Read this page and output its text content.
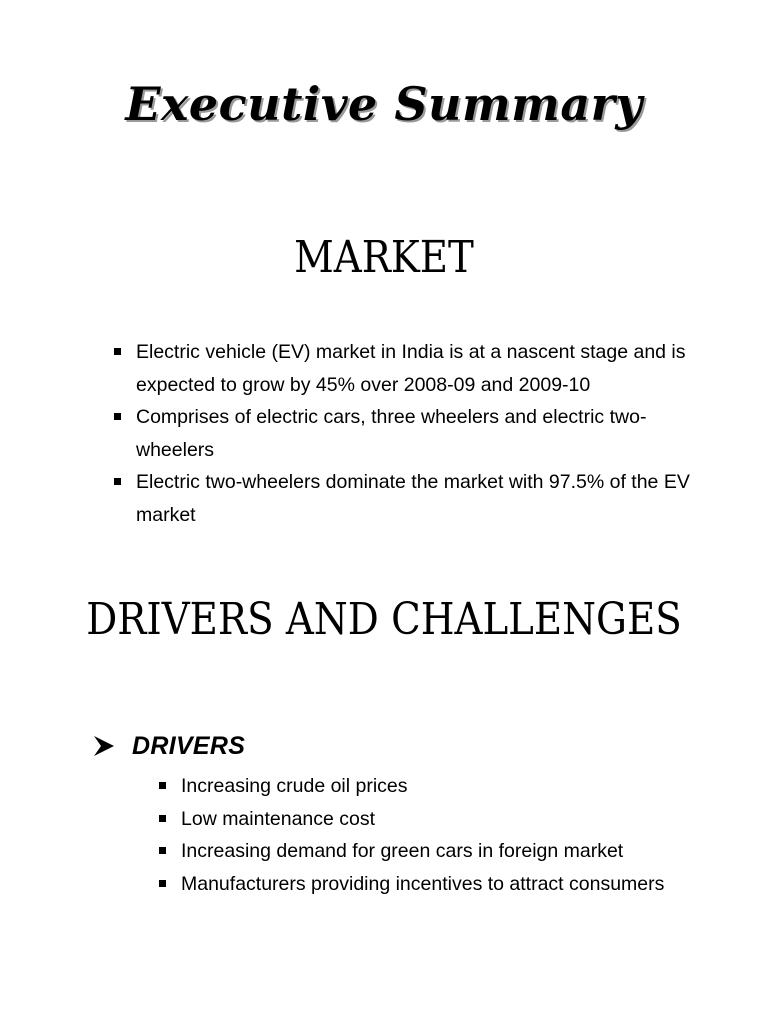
Executive Summary
MARKET
Electric vehicle (EV) market in India is at a nascent stage and is expected to grow by 45% over 2008-09 and 2009-10
Comprises of electric cars, three wheelers and electric two-wheelers
Electric two-wheelers dominate the market with 97.5% of the EV market
DRIVERS AND CHALLENGES
DRIVERS
Increasing crude oil prices
Low maintenance cost
Increasing demand for green cars in foreign market
Manufacturers providing incentives to attract consumers
